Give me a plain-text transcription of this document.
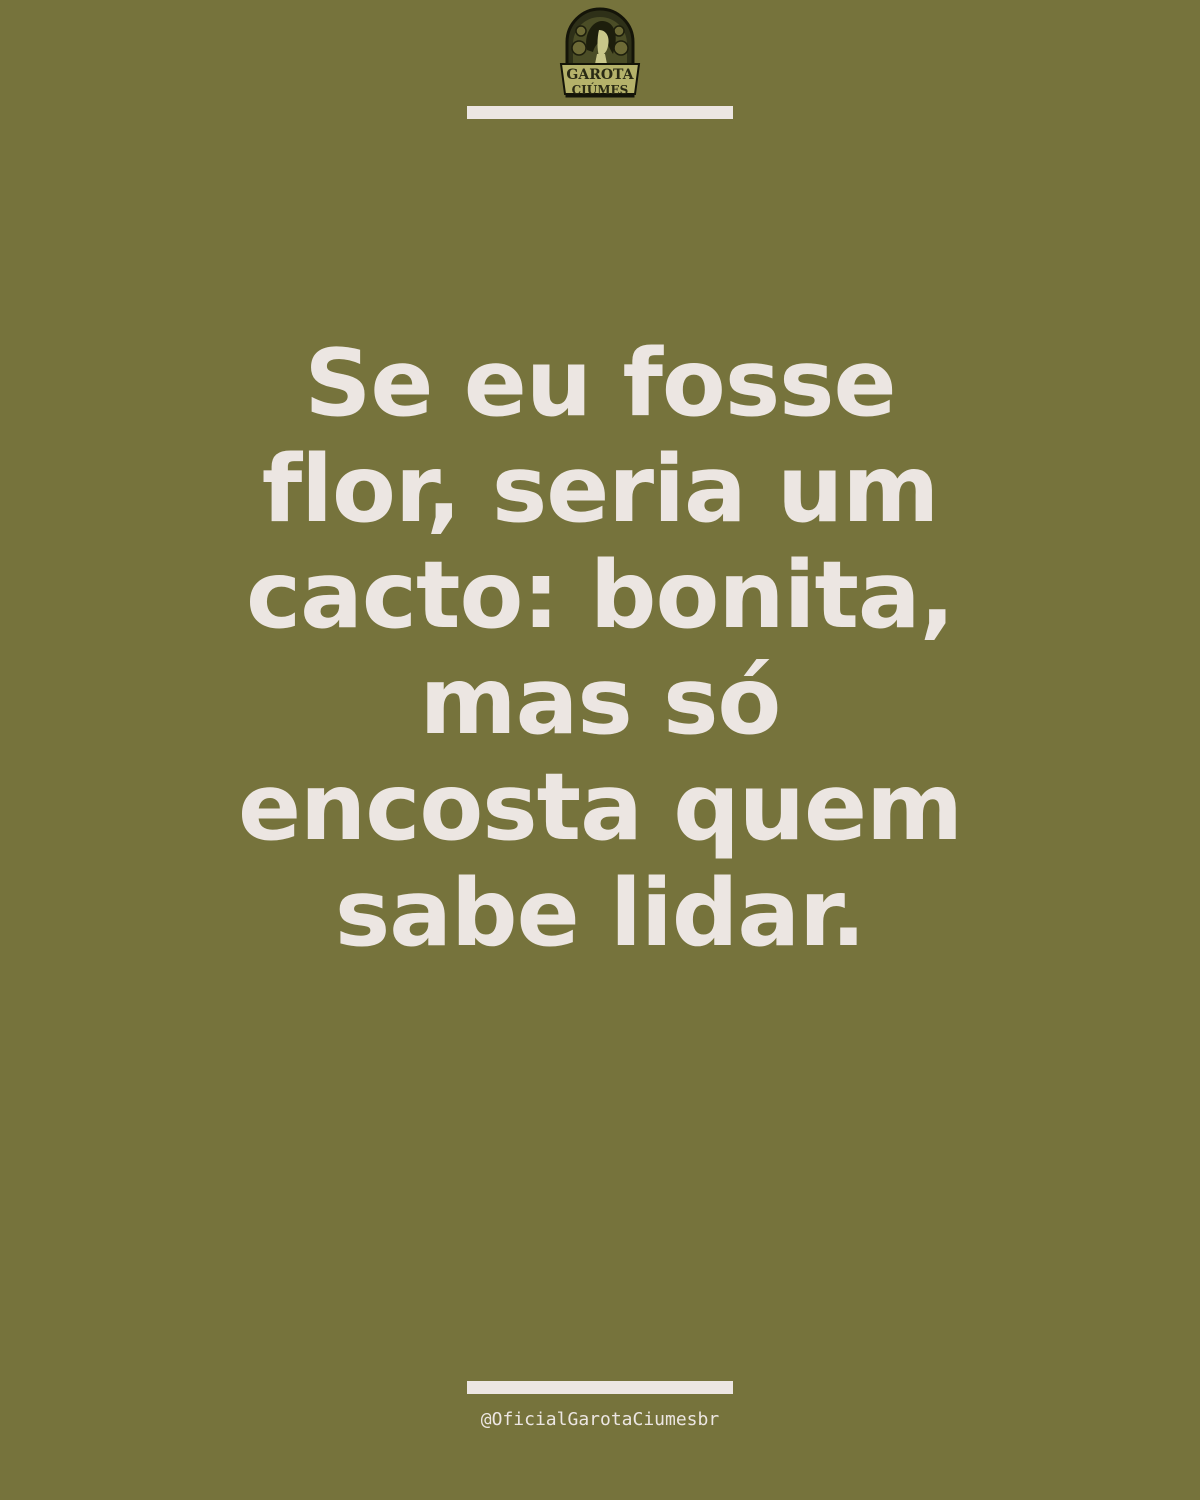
GAROTA
CIÚMES
Se eu fosse
flor, seria um
cacto: bonita,
mas só
encosta quem
sabe lidar.
@OficialGarotaCiumesbr
